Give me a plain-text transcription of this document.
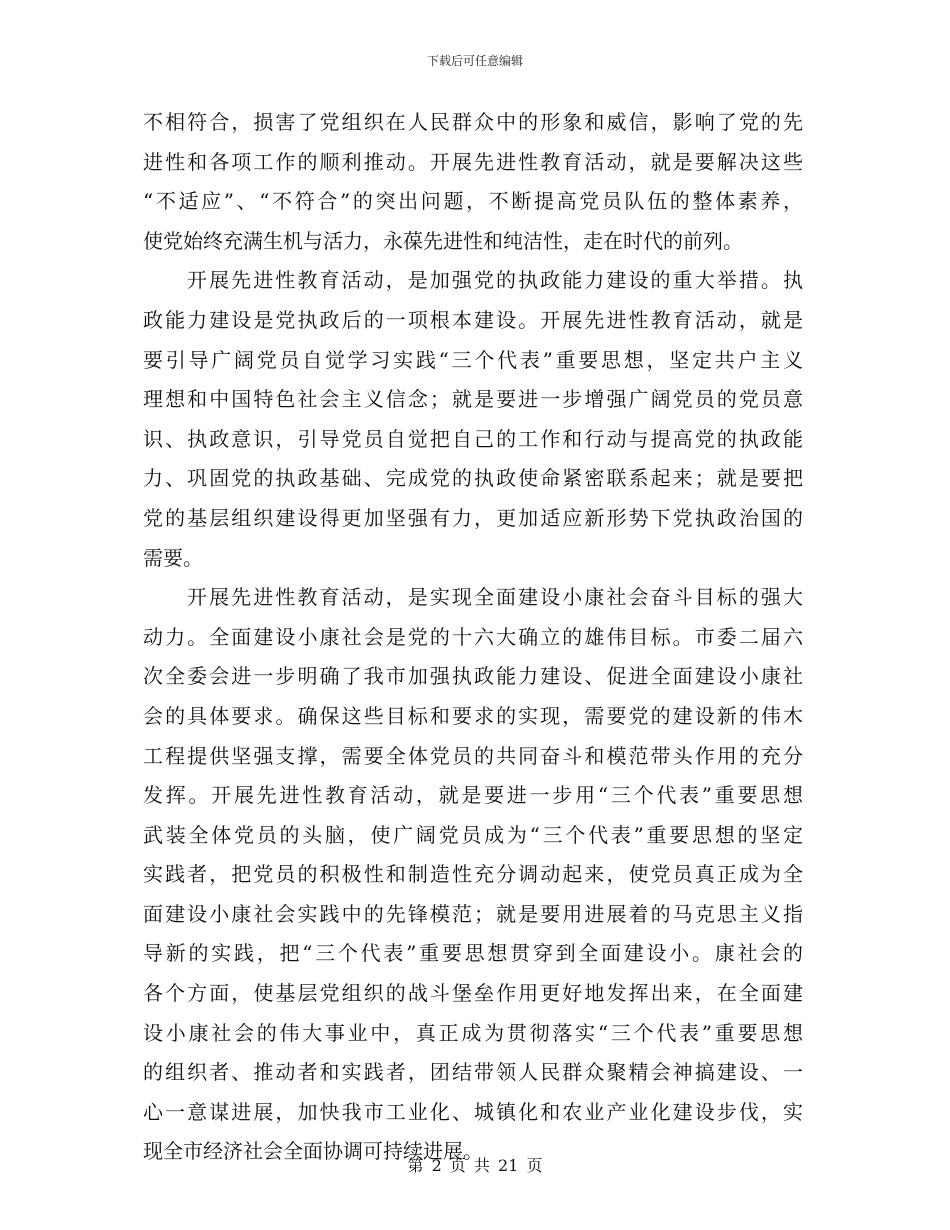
下载后可任意编辑
不相符合，损害了党组织在人民群众中的形象和威信，影响了党的先
进性和各项工作的顺利推动。开展先进性教育活动，就是要解决这些
“不适应”、“不符合”的突出问题，不断提高党员队伍的整体素养，
使党始终充满生机与活力，永葆先进性和纯洁性，走在时代的前列。
开展先进性教育活动，是加强党的执政能力建设的重大举措。执
政能力建设是党执政后的一项根本建设。开展先进性教育活动，就是
要引导广阔党员自觉学习实践“三个代表”重要思想，坚定共户主义
理想和中国特色社会主义信念；就是要进一步增强广阔党员的党员意
识、执政意识，引导党员自觉把自己的工作和行动与提高党的执政能
力、巩固党的执政基础、完成党的执政使命紧密联系起来；就是要把
党的基层组织建设得更加坚强有力，更加适应新形势下党执政治国的
需要。
开展先进性教育活动，是实现全面建设小康社会奋斗目标的强大
动力。全面建设小康社会是党的十六大确立的雄伟目标。市委二届六
次全委会进一步明确了我市加强执政能力建设、促进全面建设小康社
会的具体要求。确保这些目标和要求的实现，需要党的建设新的伟木
工程提供坚强支撑，需要全体党员的共同奋斗和模范带头作用的充分
发挥。开展先进性教育活动，就是要进一步用“三个代表”重要思想
武装全体党员的头脑，使广阔党员成为“三个代表”重要思想的坚定
实践者，把党员的积极性和制造性充分调动起来，使党员真正成为全
面建设小康社会实践中的先锋模范；就是要用进展着的马克思主义指
导新的实践，把“三个代表”重要思想贯穿到全面建设小。康社会的
各个方面，使基层党组织的战斗堡垒作用更好地发挥出来，在全面建
设小康社会的伟大事业中，真正成为贯彻落实“三个代表”重要思想
的组织者、推动者和实践者，团结带领人民群众聚精会神搞建设、一
心一意谋进展，加快我市工业化、城镇化和农业产业化建设步伐，实
现全市经济社会全面协调可持续进展。
第 2 页 共 21 页
